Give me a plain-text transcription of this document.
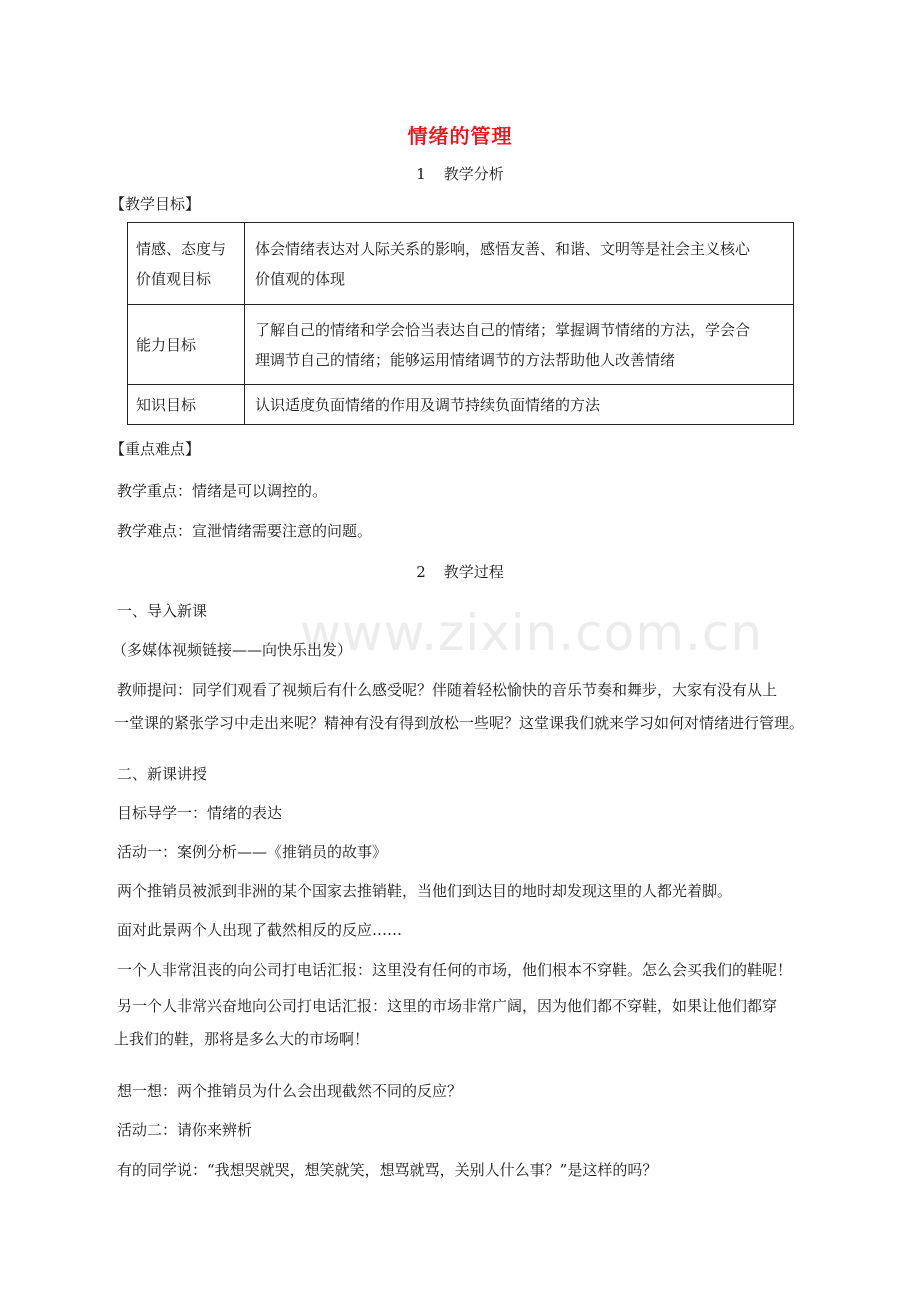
www.zixin.com.cn
情绪的管理
1 教学分析
【教学目标】
情感、态度与
价值观目标	体会情绪表达对人际关系的影响，感悟友善、和谐、文明等是社会主义核心
价值观的体现

能力目标	了解自己的情绪和学会恰当表达自己的情绪；掌握调节情绪的方法，学会合
理调节自己的情绪；能够运用情绪调节的方法帮助他人改善情绪

知识目标	认识适度负面情绪的作用及调节持续负面情绪的方法
【重点难点】
教学重点：情绪是可以调控的。
教学难点：宣泄情绪需要注意的问题。
2 教学过程
一、导入新课
（多媒体视频链接——向快乐出发）
教师提问：同学们观看了视频后有什么感受呢？伴随着轻松愉快的音乐节奏和舞步，大家有没有从上
一堂课的紧张学习中走出来呢？精神有没有得到放松一些呢？这堂课我们就来学习如何对情绪进行管理。
二、新课讲授
目标导学一：情绪的表达
活动一：案例分析——《推销员的故事》
两个推销员被派到非洲的某个国家去推销鞋，当他们到达目的地时却发现这里的人都光着脚。
面对此景两个人出现了截然相反的反应……
一个人非常沮丧的向公司打电话汇报：这里没有任何的市场，他们根本不穿鞋。怎么会买我们的鞋呢！
另一个人非常兴奋地向公司打电话汇报：这里的市场非常广阔，因为他们都不穿鞋，如果让他们都穿
上我们的鞋，那将是多么大的市场啊！
想一想：两个推销员为什么会出现截然不同的反应？
活动二：请你来辨析
有的同学说：“我想哭就哭，想笑就笑，想骂就骂，关别人什么事？”是这样的吗？
